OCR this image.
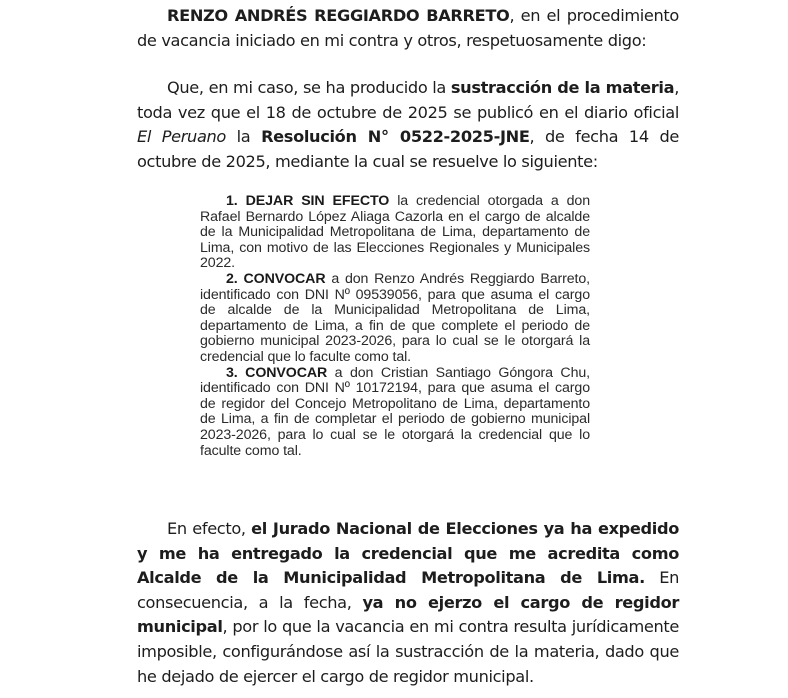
RENZO ANDRÉS REGGIARDO BARRETO, en el procedimiento de vacancia iniciado en mi contra y otros, respetuosamente digo:
Que, en mi caso, se ha producido la sustracción de la materia, toda vez que el 18 de octubre de 2025 se publicó en el diario oficial El Peruano la Resolución N° 0522-2025-JNE, de fecha 14 de octubre de 2025, mediante la cual se resuelve lo siguiente:

1. DEJAR SIN EFECTO la credencial otorgada a don Rafael Bernardo López Aliaga Cazorla en el cargo de alcalde de la Municipalidad Metropolitana de Lima, departamento de Lima, con motivo de las Elecciones Regionales y Municipales 2022.

2. CONVOCAR a don Renzo Andrés Reggiardo Barreto, identificado con DNI Nº 09539056, para que asuma el cargo de alcalde de la Municipalidad Metropolitana de Lima, departamento de Lima, a fin de que complete el periodo de gobierno municipal 2023-2026, para lo cual se le otorgará la credencial que lo faculte como tal.

3. CONVOCAR a don Cristian Santiago Góngora Chu, identificado con DNI Nº 10172194, para que asuma el cargo de regidor del Concejo Metropolitano de Lima, departamento de Lima, a fin de completar el periodo de gobierno municipal 2023-2026, para lo cual se le otorgará la credencial que lo faculte como tal.

En efecto, el Jurado Nacional de Elecciones ya ha expedido y me ha entregado la credencial que me acredita como Alcalde de la Municipalidad Metropolitana de Lima. En consecuencia, a la fecha, ya no ejerzo el cargo de regidor municipal, por lo que la vacancia en mi contra resulta jurídicamente imposible, configurándose así la sustracción de la materia, dado que he dejado de ejercer el cargo de regidor municipal.
